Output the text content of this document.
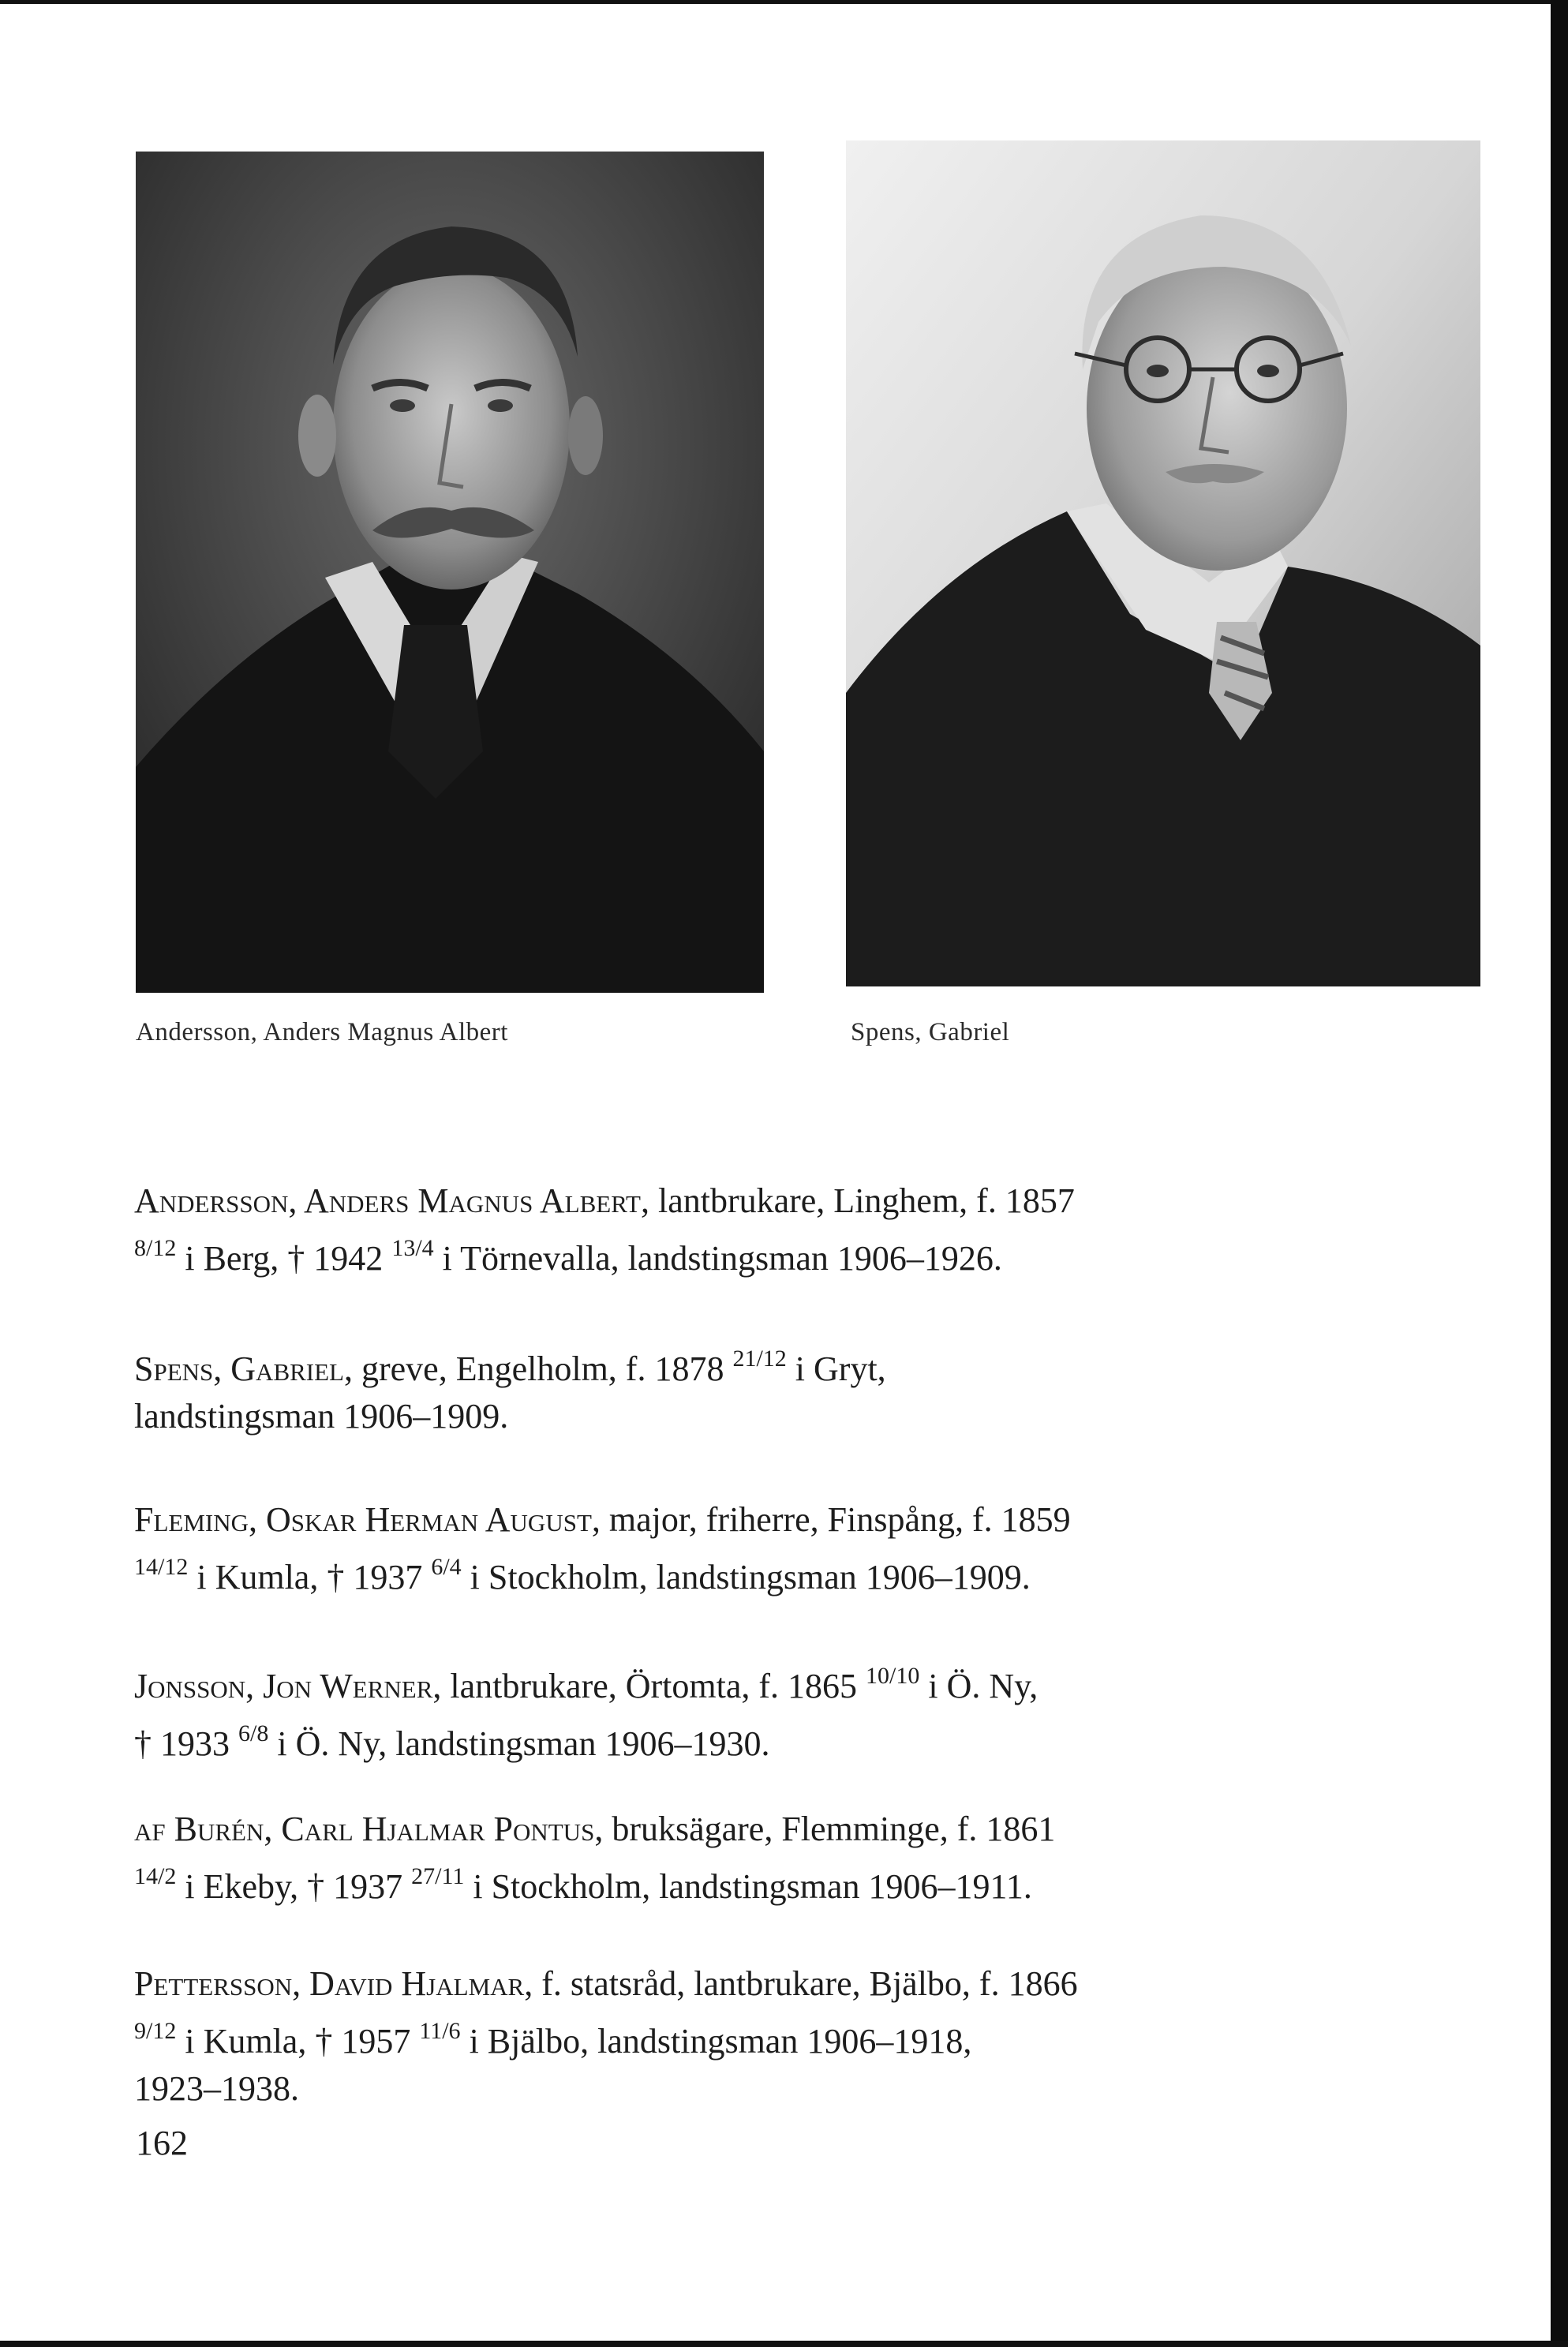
Andersson, Anders Magnus Albert	Spens, Gabriel
Andersson, Anders Magnus Albert, lantbrukare, Linghem, f. 1857
$^{8/12}$ i Berg, † 1942 $^{13/4}$ i Törnevalla, landstingsman 1906–1926.
Spens, Gabriel, greve, Engelholm, f. 1878 $^{21/12}$ i Gryt,
landstingsman 1906–1909.
Fleming, Oskar Herman August, major, friherre, Finspång, f. 1859
$^{14/12}$ i Kumla, † 1937 $^{6/4}$ i Stockholm, landstingsman 1906–1909.
Jonsson, Jon Werner, lantbrukare, Örtomta, f. 1865 $^{10/10}$ i Ö. Ny,
† 1933 $^{6/8}$ i Ö. Ny, landstingsman 1906–1930.
af Burén, Carl Hjalmar Pontus, bruksägare, Flemminge, f. 1861
$^{14/2}$ i Ekeby, † 1937 $^{27/11}$ i Stockholm, landstingsman 1906–1911.
Pettersson, David Hjalmar, f. statsråd, lantbrukare, Bjälbo, f. 1866
$^{9/12}$ i Kumla, † 1957 $^{11/6}$ i Bjälbo, landstingsman 1906–1918,
1923–1938.
162
